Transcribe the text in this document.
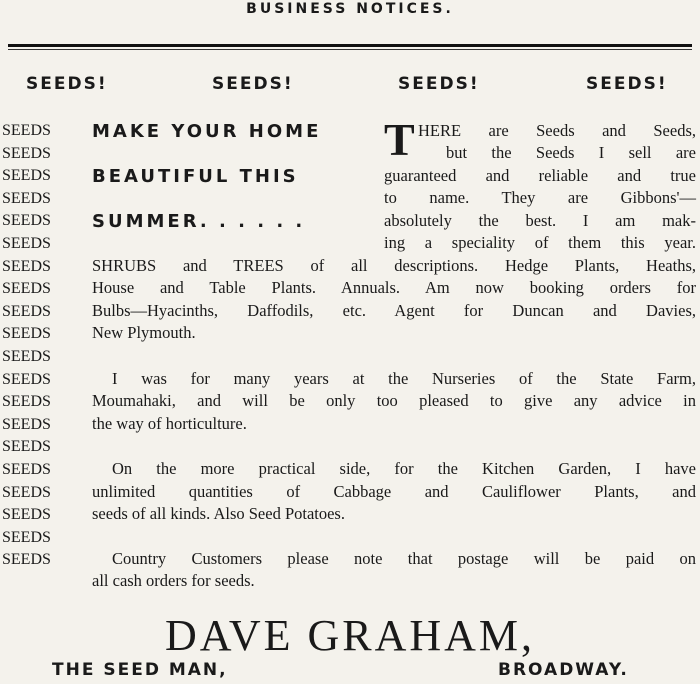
BUSINESS NOTICES.
SEEDS!	SEEDS!	SEEDS!	SEEDS!
SEEDS
SEEDS
SEEDS
SEEDS
SEEDS
SEEDS
SEEDS
SEEDS
SEEDS
SEEDS
SEEDS
SEEDS
SEEDS
SEEDS
SEEDS
SEEDS
SEEDS
SEEDS
SEEDS
SEEDS
MAKE YOUR HOME
BEAUTIFUL THIS
SUMMER. . . . . .
T HERE are Seeds and Seeds,
but the Seeds I sell are
guaranteed and reliable and true
to name. They are Gibbons'—
absolutely the best. I am mak-
ing a speciality of them this year.
SHRUBS and TREES of all descriptions. Hedge Plants, Heaths,
House and Table Plants. Annuals. Am now booking orders for
Bulbs—Hyacinths, Daffodils, etc. Agent for Duncan and Davies,
New Plymouth.
I was for many years at the Nurseries of the State Farm,
Moumahaki, and will be only too pleased to give any advice in
the way of horticulture.
On the more practical side, for the Kitchen Garden, I have
unlimited quantities of Cabbage and Cauliflower Plants, and
seeds of all kinds. Also Seed Potatoes.
Country Customers please note that postage will be paid on
all cash orders for seeds.
DAVE GRAHAM,
THE SEED MAN,	BROADWAY.
